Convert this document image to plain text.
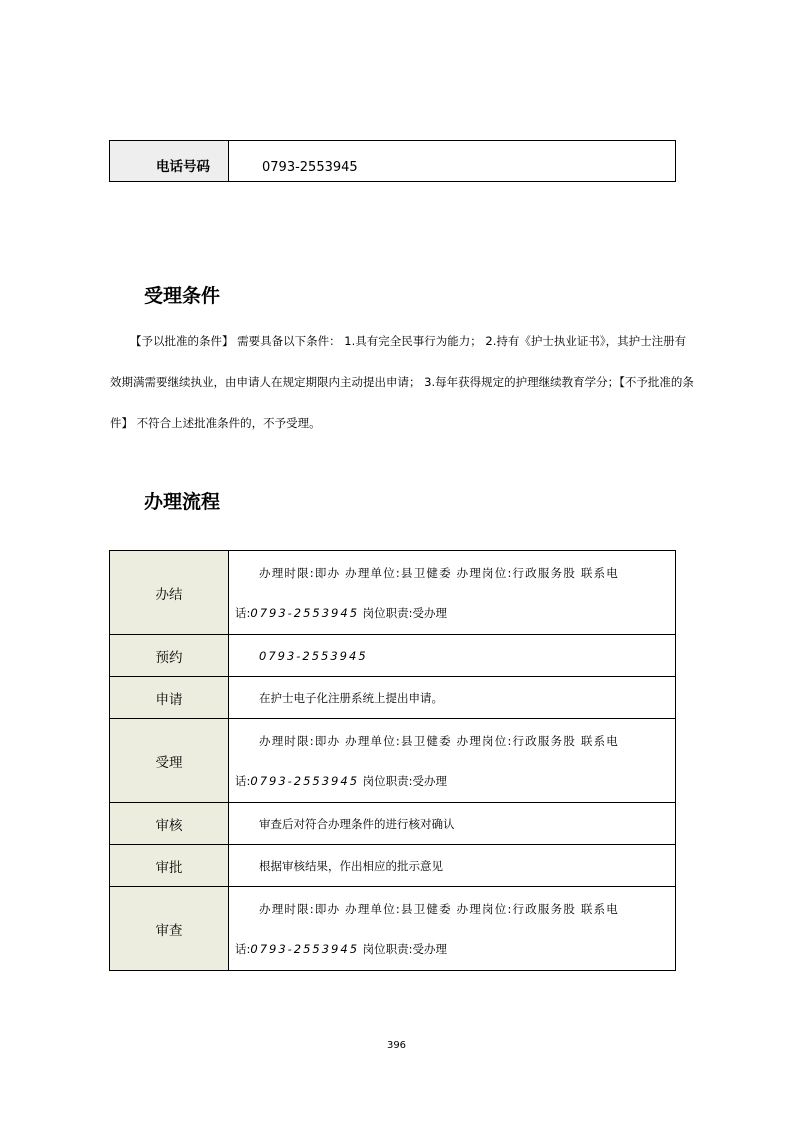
电话号码	0793-2553945
受理条件

【予以批准的条件】 需要具备以下条件： 1.具有完全民事行为能力； 2.持有《护士执业证书》，其护士注册有效期满需要继续执业，由申请人在规定期限内主动提出申请； 3.每年获得规定的护理继续教育学分；【不予批准的条件】 不符合上述批准条件的，不予受理。

办理流程
办结	办理时限:即办 办理单位:县卫健委 办理岗位:行政服务股 联系电
话:0793-2553945 岗位职责:受办理

预约	0793-2553945

申请	在护士电子化注册系统上提出申请。

受理	办理时限:即办 办理单位:县卫健委 办理岗位:行政服务股 联系电
话:0793-2553945 岗位职责:受办理

审核	审查后对符合办理条件的进行核对确认

审批	根据审核结果，作出相应的批示意见

审查	办理时限:即办 办理单位:县卫健委 办理岗位:行政服务股 联系电
话:0793-2553945 岗位职责:受办理
396
